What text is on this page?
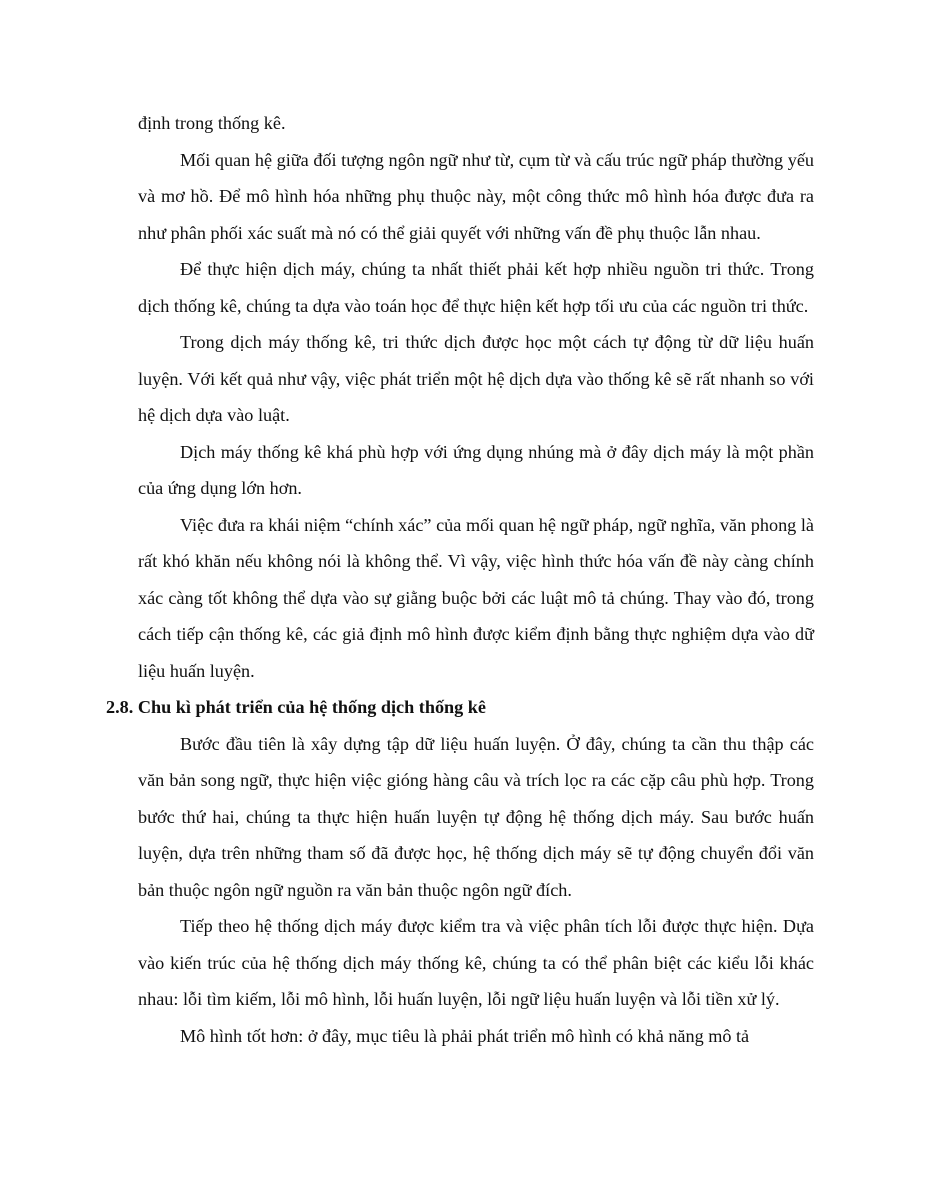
định trong thống kê.

Mối quan hệ giữa đối tượng ngôn ngữ như từ, cụm từ và cấu trúc ngữ pháp thường yếu và mơ hồ. Để mô hình hóa những phụ thuộc này, một công thức mô hình hóa được đưa ra như phân phối xác suất mà nó có thể giải quyết với những vấn đề phụ thuộc lẫn nhau.

Để thực hiện dịch máy, chúng ta nhất thiết phải kết hợp nhiều nguồn tri thức. Trong dịch thống kê, chúng ta dựa vào toán học để thực hiện kết hợp tối ưu của các nguồn tri thức.

Trong dịch máy thống kê, tri thức dịch được học một cách tự động từ dữ liệu huấn luyện. Với kết quả như vậy, việc phát triển một hệ dịch dựa vào thống kê sẽ rất nhanh so với hệ dịch dựa vào luật.

Dịch máy thống kê khá phù hợp với ứng dụng nhúng mà ở đây dịch máy là một phần của ứng dụng lớn hơn.

Việc đưa ra khái niệm “chính xác” của mối quan hệ ngữ pháp, ngữ nghĩa, văn phong là rất khó khăn nếu không nói là không thể. Vì vậy, việc hình thức hóa vấn đề này càng chính xác càng tốt không thể dựa vào sự giằng buộc bởi các luật mô tả chúng. Thay vào đó, trong cách tiếp cận thống kê, các giả định mô hình được kiểm định bằng thực nghiệm dựa vào dữ liệu huấn luyện.

2.8. Chu kì phát triển của hệ thống dịch thống kê

Bước đầu tiên là xây dựng tập dữ liệu huấn luyện. Ở đây, chúng ta cần thu thập các văn bản song ngữ, thực hiện việc gióng hàng câu và trích lọc ra các cặp câu phù hợp. Trong bước thứ hai, chúng ta thực hiện huấn luyện tự động hệ thống dịch máy. Sau bước huấn luyện, dựa trên những tham số đã được học, hệ thống dịch máy sẽ tự động chuyển đổi văn bản thuộc ngôn ngữ nguồn ra văn bản thuộc ngôn ngữ đích.

Tiếp theo hệ thống dịch máy được kiểm tra và việc phân tích lỗi được thực hiện. Dựa vào kiến trúc của hệ thống dịch máy thống kê, chúng ta có thể phân biệt các kiểu lỗi khác nhau: lỗi tìm kiếm, lỗi mô hình, lỗi huấn luyện, lỗi ngữ liệu huấn luyện và lỗi tiền xử lý.

Mô hình tốt hơn: ở đây, mục tiêu là phải phát triển mô hình có khả năng mô tả
